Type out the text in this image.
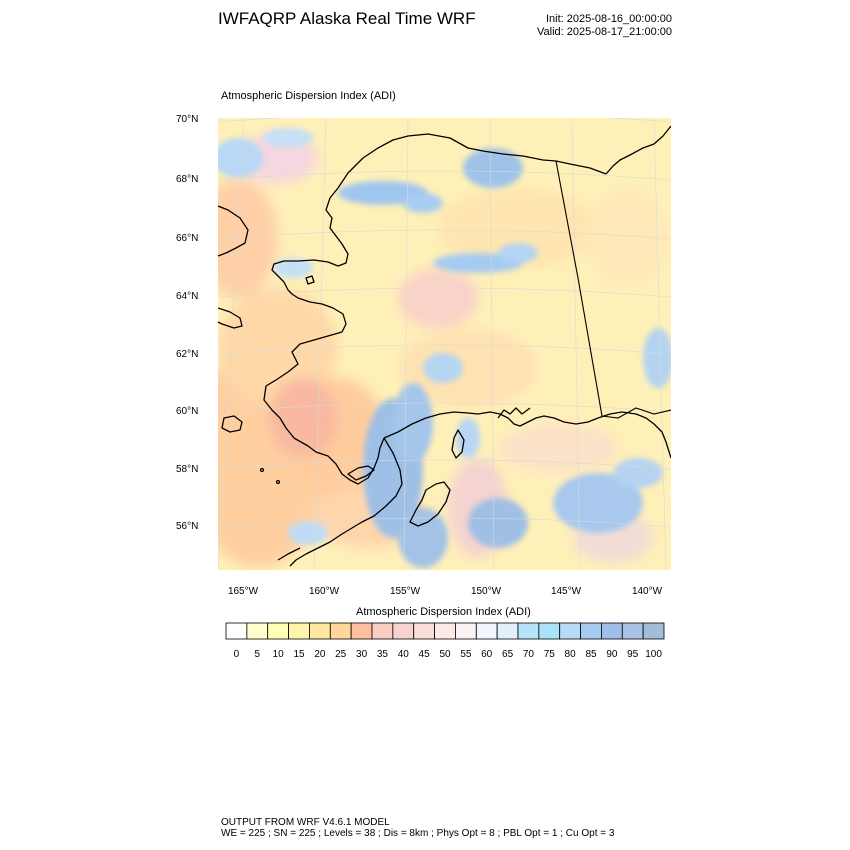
IWFAQRP Alaska Real Time WRF	Init: 2025-08-16_00:00:00
Valid: 2025-08-17_21:00:00
Atmospheric Dispersion Index (ADI)
70°N
68°N
66°N
64°N
62°N
60°N
58°N
56°N
165°W	160°W	155°W	150°W	145°W	140°W
Atmospheric Dispersion Index (ADI)
0 5 10 15 20 25 30 35 40 45 50 55 60 65 70 75 80 85 90 95 100
OUTPUT FROM WRF V4.6.1 MODEL
WE = 225 ; SN = 225 ; Levels = 38 ; Dis = 8km ; Phys Opt = 8 ; PBL Opt = 1 ; Cu Opt = 3
